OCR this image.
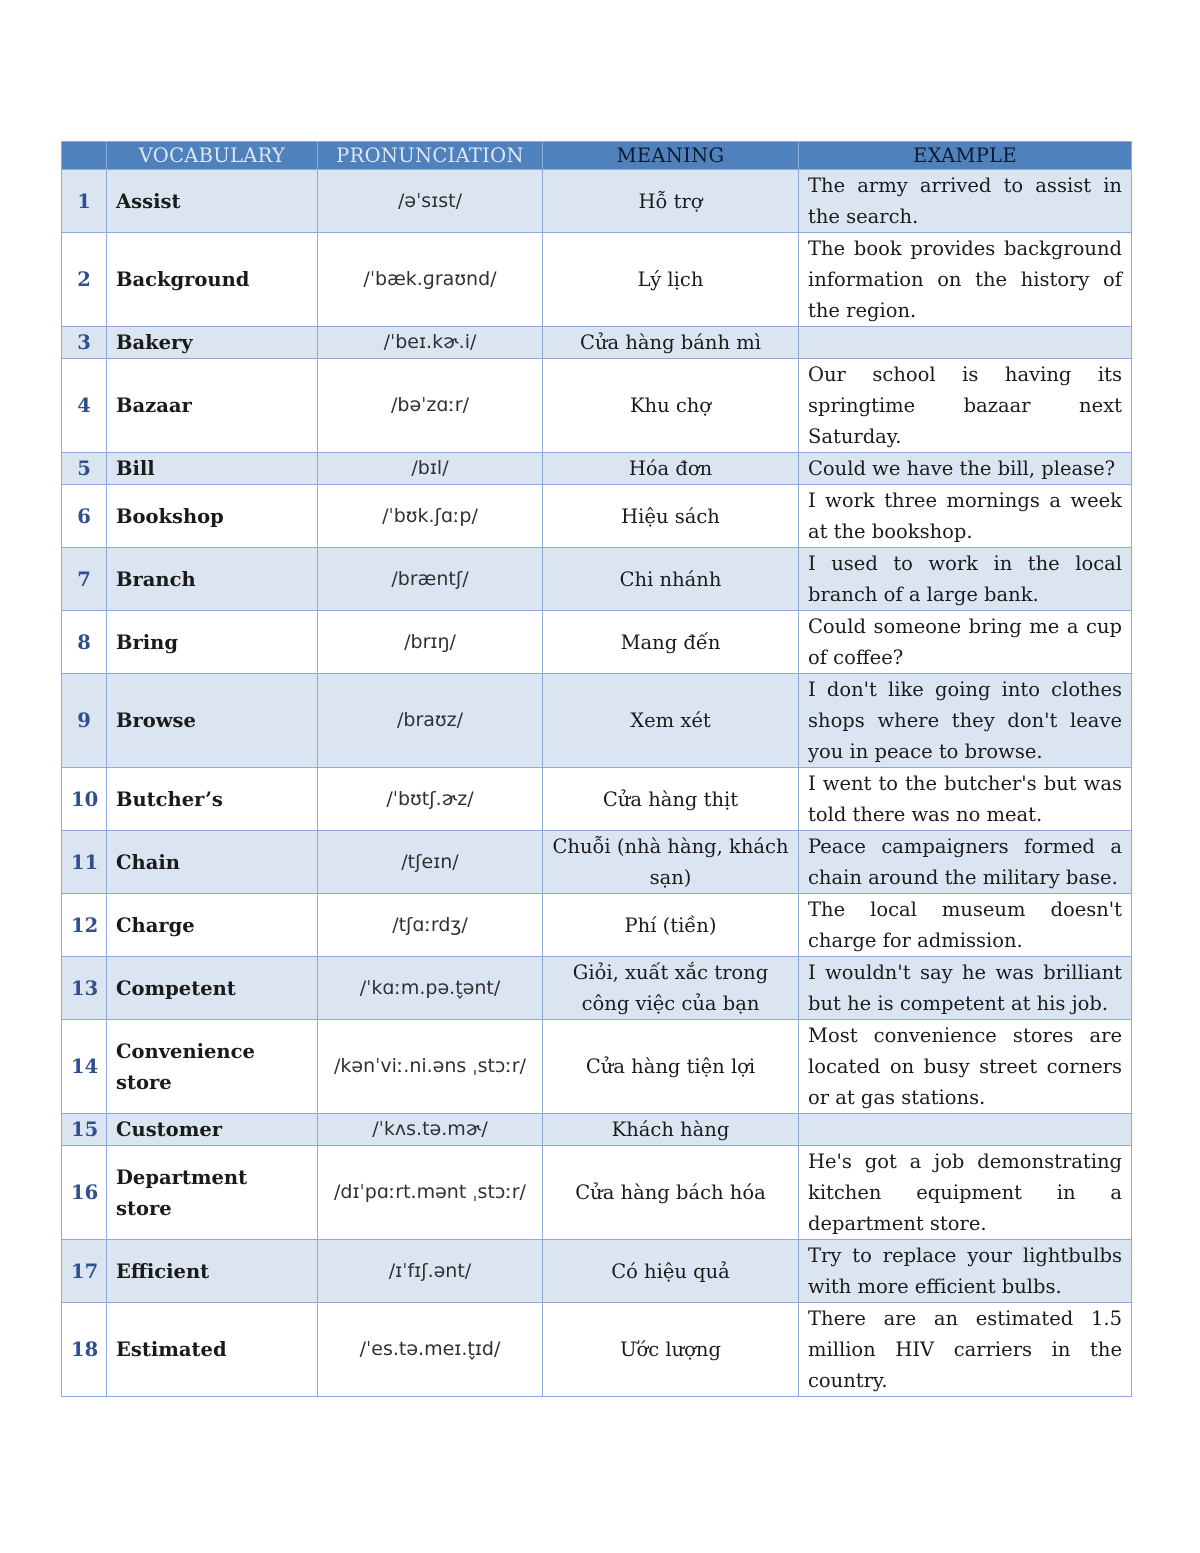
	VOCABULARY	PRONUNCIATION	MEANING	EXAMPLE
1	Assist	/əˈsɪst/	Hỗ trợ	The army arrived to assist in the search.
2	Background	/ˈbæk.ɡraʊnd/	Lý lịch	The book provides background information on the history of the region.
3	Bakery	/ˈbeɪ.kɚ.i/	Cửa hàng bánh mì	
4	Bazaar	/bəˈzɑːr/	Khu chợ	Our school is having its springtime bazaar next Saturday.
5	Bill	/bɪl/	Hóa đơn	Could we have the bill, please?
6	Bookshop	/ˈbʊk.ʃɑːp/	Hiệu sách	I work three mornings a week at the bookshop.
7	Branch	/bræntʃ/	Chi nhánh	I used to work in the local branch of a large bank.
8	Bring	/brɪŋ/	Mang đến	Could someone bring me a cup of coffee?
9	Browse	/braʊz/	Xem xét	I don't like going into clothes shops where they don't leave you in peace to browse.
10	Butcher’s	/ˈbʊtʃ.ɚz/	Cửa hàng thịt	I went to the butcher's but was told there was no meat.
11	Chain	/tʃeɪn/	Chuỗi (nhà hàng, khách sạn)	Peace campaigners formed a chain around the military base.
12	Charge	/tʃɑːrdʒ/	Phí (tiền)	The local museum doesn't charge for admission.
13	Competent	/ˈkɑːm.pə.t̬ənt/	Giỏi, xuất xắc trong công việc của bạn	I wouldn't say he was brilliant but he is competent at his job.
14	Convenience store	/kənˈviː.ni.əns ˌstɔːr/	Cửa hàng tiện lợi	Most convenience stores are located on busy street corners or at gas stations.
15	Customer	/ˈkʌs.tə.mɚ/	Khách hàng	
16	Department store	/dɪˈpɑːrt.mənt ˌstɔːr/	Cửa hàng bách hóa	He's got a job demonstrating kitchen equipment in a department store.
17	Efficient	/ɪˈfɪʃ.ənt/	Có hiệu quả	Try to replace your lightbulbs with more efficient bulbs.
18	Estimated	/ˈes.tə.meɪ.t̬ɪd/	Ước lượng	There are an estimated 1.5 million HIV carriers in the country.
